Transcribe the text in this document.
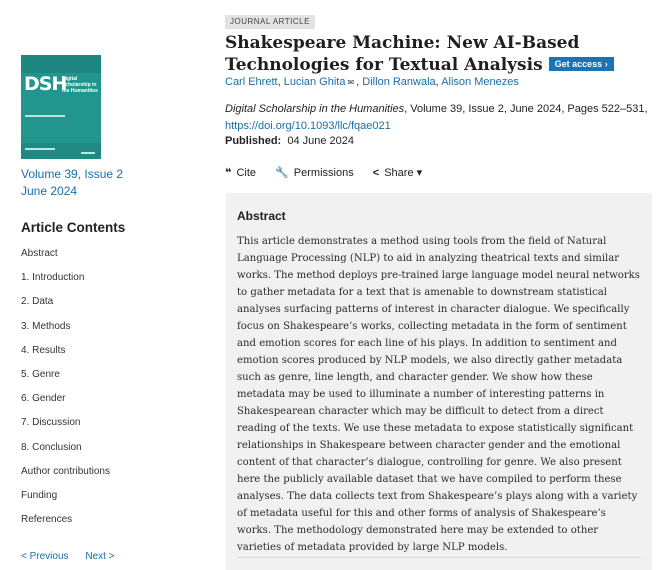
DSH
Digital Scholarship in the Humanities
Volume 39, Issue 2
June 2024
Article Contents
Abstract
1. Introduction
2. Data
3. Methods
4. Results
5. Genre
6. Gender
7. Discussion
8. Conclusion
Author contributions
Funding
References
< Previous Next >
JOURNAL ARTICLE
Shakespeare Machine: New AI-Based Technologies for Textual Analysis Get access ›
Carl Ehrett, Lucian Ghita ✉ , Dillon Ranwala, Alison Menezes
Digital Scholarship in the Humanities, Volume 39, Issue 2, June 2024, Pages 522–531,
https://doi.org/10.1093/llc/fqae021
Published: 04 June 2024
❝ Cite 🔧 Permissions < Share ▾
Abstract

This article demonstrates a method using tools from the field of Natural Language Processing (NLP) to aid in analyzing theatrical texts and similar works. The method deploys pre-trained large language model neural networks to gather metadata for a text that is amenable to downstream statistical analyses surfacing patterns of interest in character dialogue. We specifically focus on Shakespeare’s works, collecting metadata in the form of sentiment and emotion scores for each line of his plays. In addition to sentiment and emotion scores produced by NLP models, we also directly gather metadata such as genre, line length, and character gender. We show how these metadata may be used to illuminate a number of interesting patterns in Shakespearean character which may be difficult to detect from a direct reading of the texts. We use these metadata to expose statistically significant relationships in Shakespeare between character gender and the emotional content of that character’s dialogue, controlling for genre. We also present here the publicly available dataset that we have compiled to perform these analyses. The data collects text from Shakespeare’s plays along with a variety of metadata useful for this and other forms of analysis of Shakespeare’s works. The methodology demonstrated here may be extended to other varieties of metadata provided by large NLP models.
